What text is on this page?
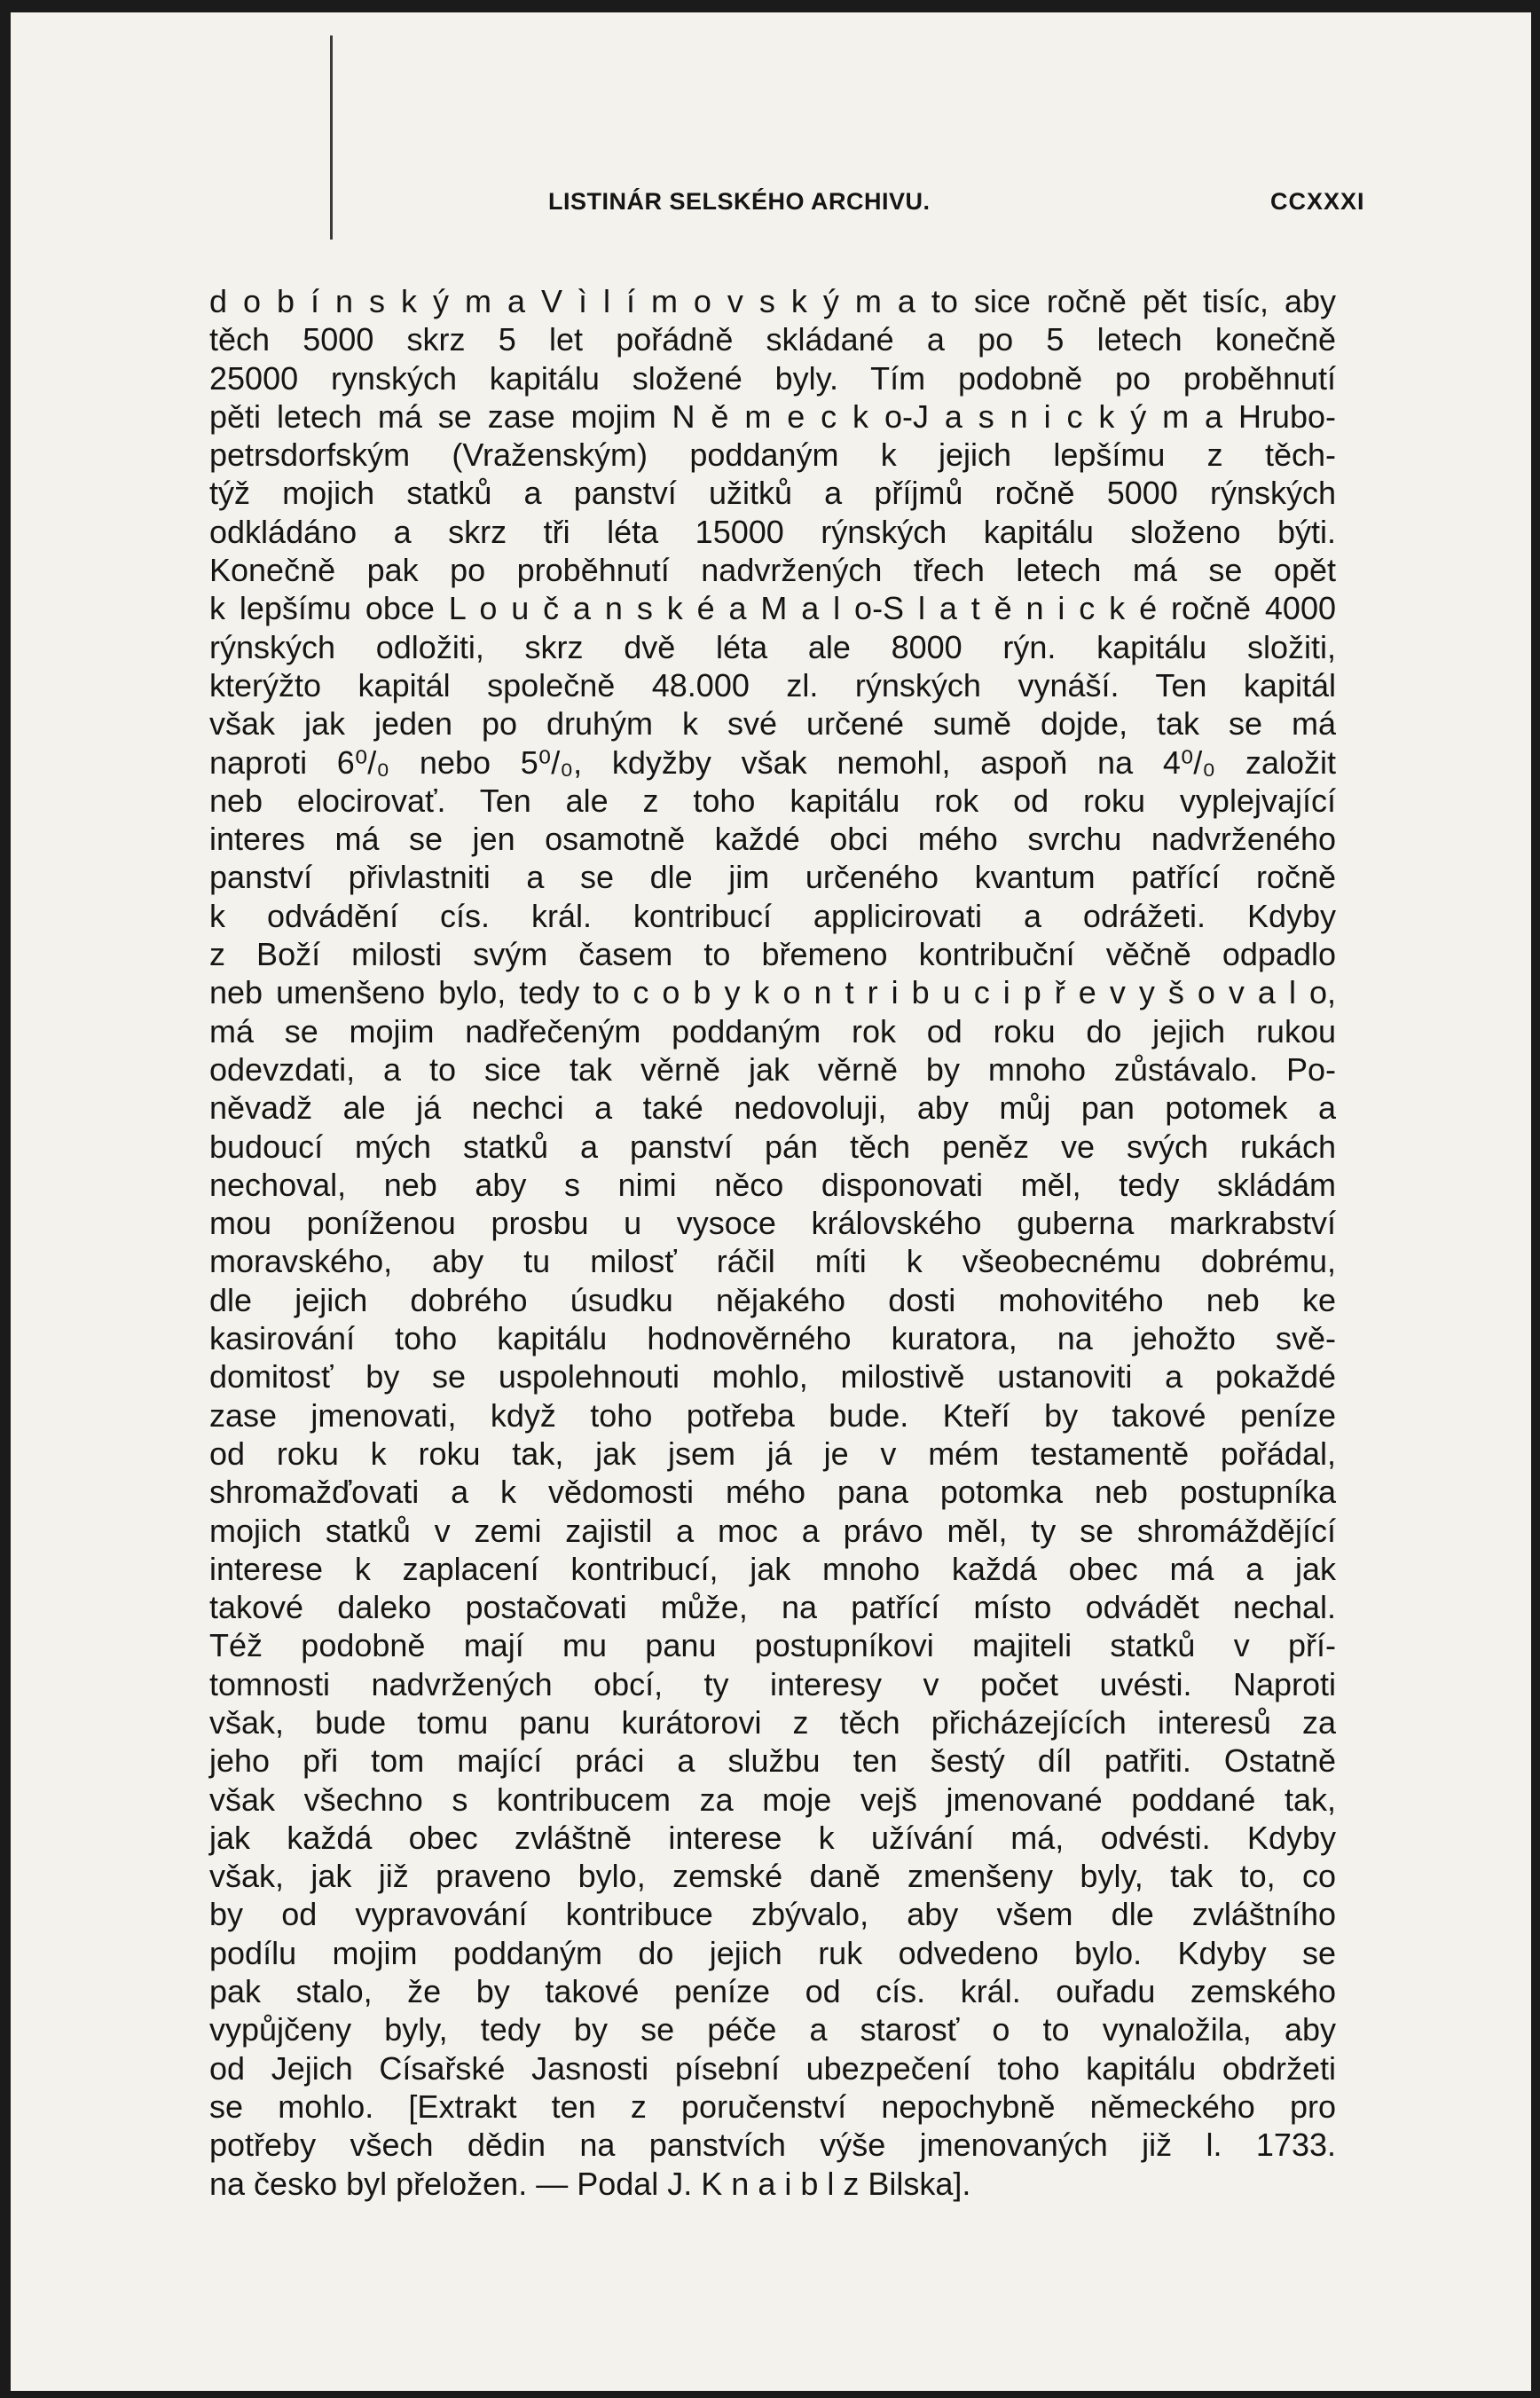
LISTINÁR SELSKÉHO ARCHIVU.	CCXXXI
d o b í n s k ý m a V ì l í m o v s k ý m a to sice ročně pět tisíc, aby
těch 5000 skrz 5 let pořádně skládané a po 5 letech konečně
25000 rynských kapitálu složené byly. Tím podobně po proběhnutí
pěti letech má se zase mojim N ě m e c k o-J a s n i c k ý m a Hrubo-
petrsdorfským (Vraženským) poddaným k jejich lepšímu z těch-
týž mojich statků a panství užitků a příjmů ročně 5000 rýnských
odkládáno a skrz tři léta 15000 rýnských kapitálu složeno býti.
Konečně pak po proběhnutí nadvržených třech letech má se opět
k lepšímu obce L o u č a n s k é a M a l o-S l a t ě n i c k é ročně 4000
rýnských odložiti, skrz dvě léta ale 8000 rýn. kapitálu složiti,
kterýžto kapitál společně 48.000 zl. rýnských vynáší. Ten kapitál
však jak jeden po druhým k své určené sumě dojde, tak se má
naproti 6⁰/₀ nebo 5⁰/₀, kdyžby však nemohl, aspoň na 4⁰/₀ založit
neb elocirovať. Ten ale z toho kapitálu rok od roku vyplejvající
interes má se jen osamotně každé obci mého svrchu nadvrženého
panství přivlastniti a se dle jim určeného kvantum patřící ročně
k odvádění cís. král. kontribucí applicirovati a odrážeti. Kdyby
z Boží milosti svým časem to břemeno kontribuční věčně odpadlo
neb umenšeno bylo, tedy to c o b y k o n t r i b u c i p ř e v y š o v a l o,
má se mojim nadřečeným poddaným rok od roku do jejich rukou
odevzdati, a to sice tak věrně jak věrně by mnoho zůstávalo. Po-
něvadž ale já nechci a také nedovoluji, aby můj pan potomek a
budoucí mých statků a panství pán těch peněz ve svých rukách
nechoval, neb aby s nimi něco disponovati měl, tedy skládám
mou poníženou prosbu u vysoce královského guberna markrabství
moravského, aby tu milosť ráčil míti k všeobecnému dobrému,
dle jejich dobrého úsudku nějakého dosti mohovitého neb ke
kasirování toho kapitálu hodnověrného kuratora, na jehožto svě-
domitosť by se uspolehnouti mohlo, milostivě ustanoviti a pokaždé
zase jmenovati, když toho potřeba bude. Kteří by takové peníze
od roku k roku tak, jak jsem já je v mém testamentě pořádal,
shromažďovati a k vědomosti mého pana potomka neb postupníka
mojich statků v zemi zajistil a moc a právo měl, ty se shromáždějící
interese k zaplacení kontribucí, jak mnoho každá obec má a jak
takové daleko postačovati může, na patřící místo odvádět nechal.
Též podobně mají mu panu postupníkovi majiteli statků v pří-
tomnosti nadvržených obcí, ty interesy v počet uvésti. Naproti
však, bude tomu panu kurátorovi z těch přicházejících interesů za
jeho při tom mající práci a službu ten šestý díl patřiti. Ostatně
však všechno s kontribucem za moje vejš jmenované poddané tak,
jak každá obec zvláštně interese k užívání má, odvésti. Kdyby
však, jak již praveno bylo, zemské daně zmenšeny byly, tak to, co
by od vypravování kontribuce zbývalo, aby všem dle zvláštního
podílu mojim poddaným do jejich ruk odvedeno bylo. Kdyby se
pak stalo, že by takové peníze od cís. král. ouřadu zemského
vypůjčeny byly, tedy by se péče a starosť o to vynaložila, aby
od Jejich Císařské Jasnosti písební ubezpečení toho kapitálu obdržeti
se mohlo. [Extrakt ten z poručenství nepochybně německého pro
potřeby všech dědin na panstvích výše jmenovaných již l. 1733.
na česko byl přeložen. — Podal J. K n a i b l z Bilska].
